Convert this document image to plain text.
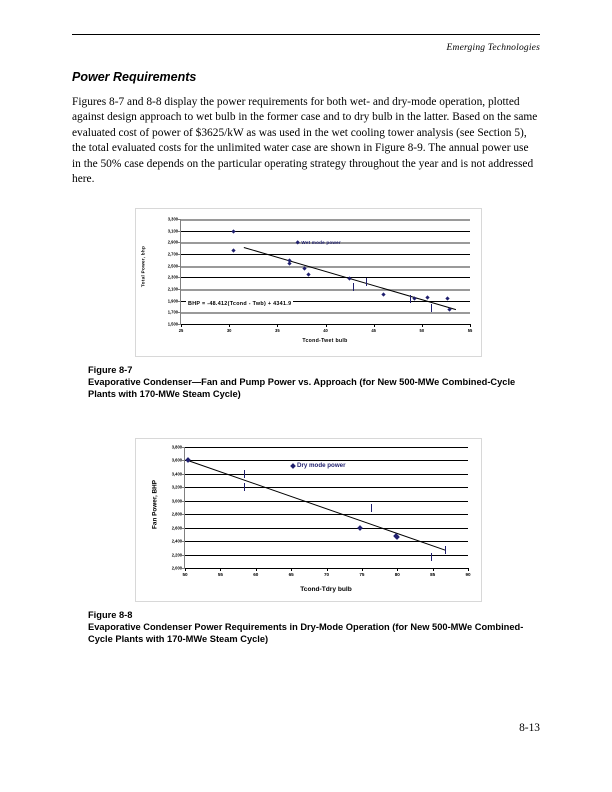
Emerging Technologies
Power Requirements
Figures 8-7 and 8-8 display the power requirements for both wet- and dry-mode operation, plotted against design approach to wet bulb in the former case and to dry bulb in the latter. Based on the same evaluated cost of power of $3625/kW as was used in the wet cooling tower analysis (see Section 5), the total evaluated costs for the unlimited water case are shown in Figure 8-9. The annual power use in the 50% case depends on the particular operating strategy throughout the year and is not addressed here.
1,500
1,700
1,900
2,100
2,300
2,500
2,700
2,900
3,100
3,300
25	30	35	40	45	50	55
Tcond-Twet bulb
Total Power, bhp
Wet mode power
BHP = -48.412(Tcond - Twb) + 4341.9
Figure 8-7
Evaporative Condenser—Fan and Pump Power vs. Approach (for New 500-MWe Combined-Cycle Plants with 170-MWe Steam Cycle)
2,000
2,200
2,400
2,600
2,800
3,000
3,200
3,400
3,600
3,800
50	55	60	65	70	75	80	85	90
Tcond-Tdry bulb
Fan Power, BHP
Dry mode power
Figure 8-8
Evaporative Condenser Power Requirements in Dry-Mode Operation (for New 500-MWe Combined-Cycle Plants with 170-MWe Steam Cycle)
8-13
